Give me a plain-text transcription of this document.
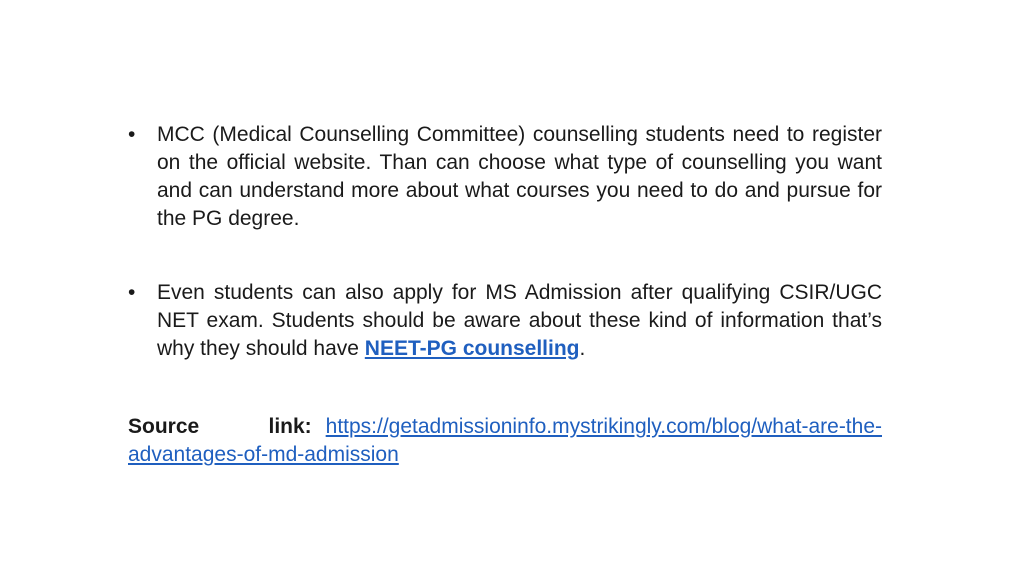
• MCC (Medical Counselling Committee) counselling students need to register on the official website. Than can choose what type of counselling you want and can understand more about what courses you need to do and pursue for the PG degree.
• Even students can also apply for MS Admission after qualifying CSIR/UGC NET exam. Students should be aware about these kind of information that’s why they should have NEET-PG counselling.

Source link: https://getadmissioninfo.mystrikingly.com/blog/what-are-the-advantages-of-md-admission
